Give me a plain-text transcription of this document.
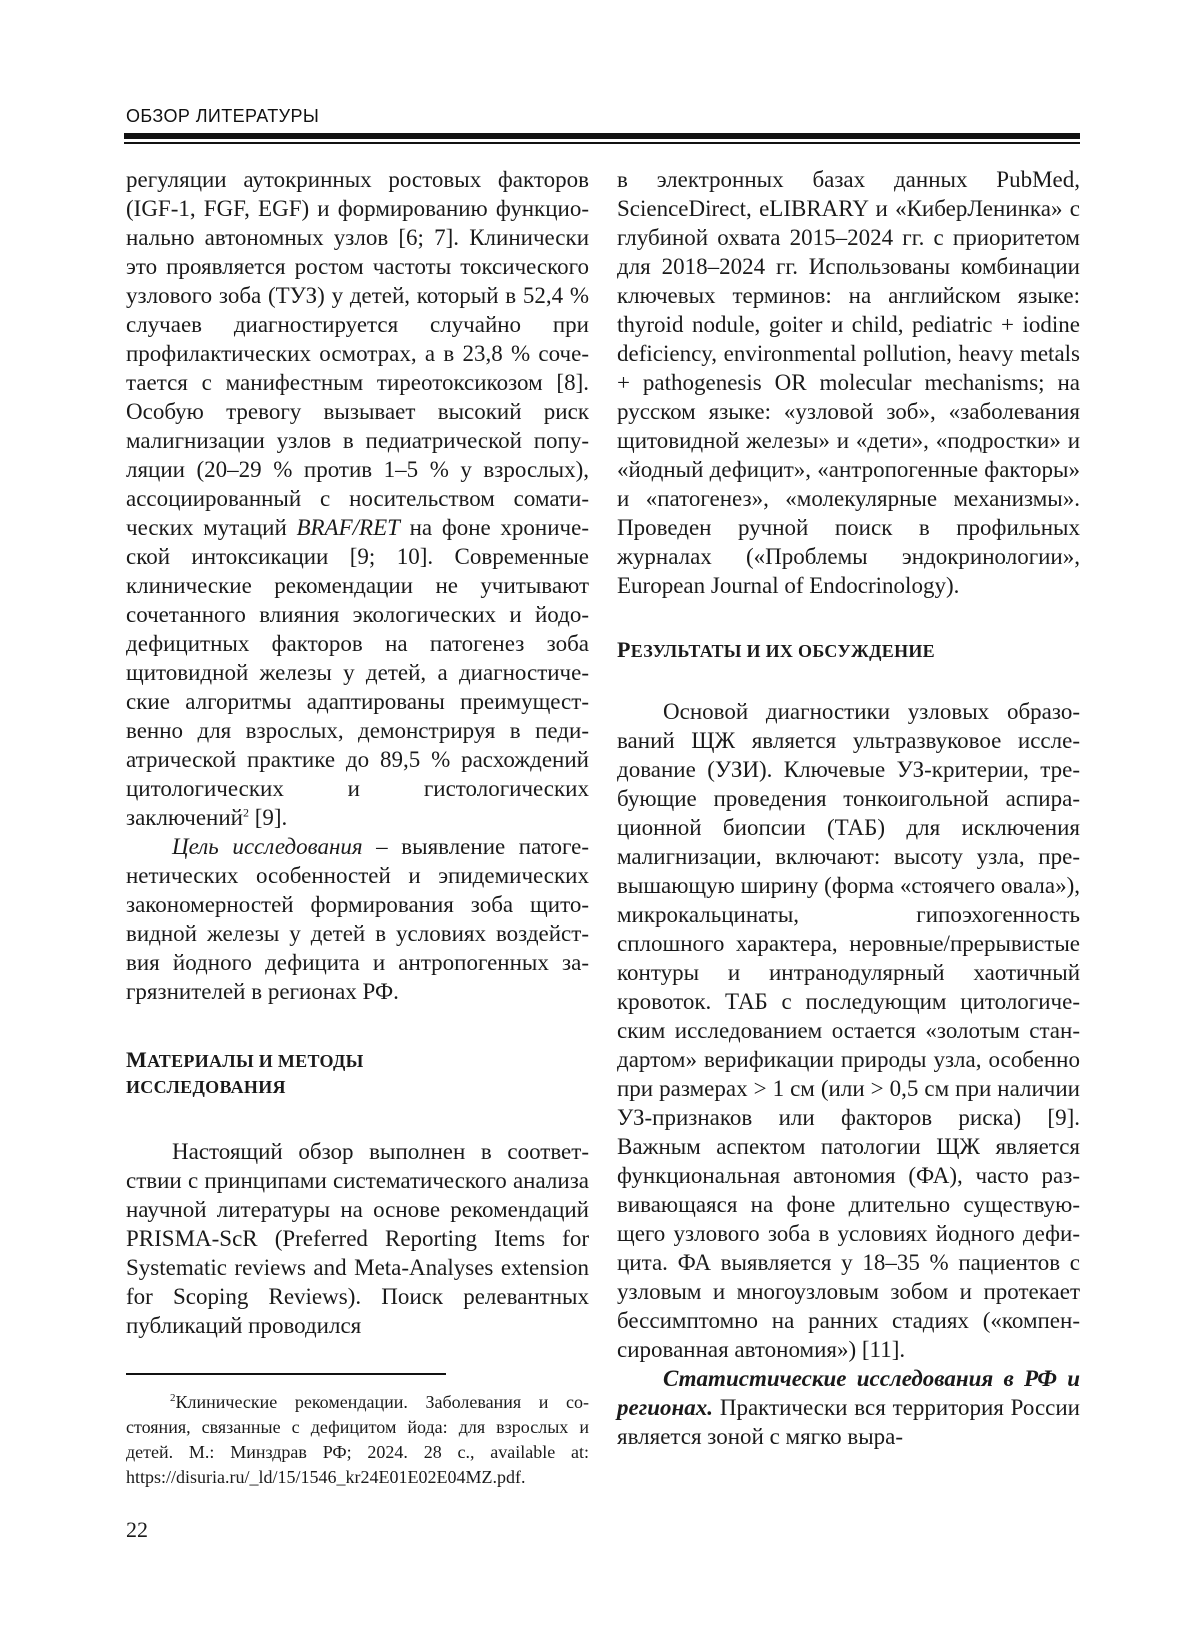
ОБЗОР ЛИТЕРАТУРЫ

регуляции аутокринных ростовых факторов (IGF-1, FGF, EGF) и формированию функционально автономных узлов [6; 7]. Клинически это проявляется ростом частоты токсического узлового зоба (ТУЗ) у детей, который в 52,4 % случаев диагностируется случайно при профилактических осмотрах, а в 23,8 % сочетается с манифестным тиреотоксикозом [8]. Особую тревогу вызывает высокий риск малигнизации узлов в педиатрической популяции (20–29 % против 1–5 % у взрослых), ассоциированный с носительством соматических мутаций BRAF/RET на фоне хронической интоксикации [9; 10]. Современные клинические рекомендации не учитывают сочетанного влияния экологических и йододефицитных факторов на патогенез зоба щитовидной железы у детей, а диагностические алгоритмы адаптированы преимущественно для взрослых, демонстрируя в педиатрической практике до 89,5 % расхождений цитологических и гистологических заключений$^2$ [9].

Цель исследования – выявление патогенетических особенностей и эпидемических закономерностей формирования зоба щитовидной железы у детей в условиях воздействия йодного дефицита и антропогенных загрязнителей в регионах РФ.

МАТЕРИАЛЫ И МЕТОДЫ

ИССЛЕДОВАНИЯ

Настоящий обзор выполнен в соответствии с принципами систематического анализа научной литературы на основе рекомендаций PRISMA-ScR (Preferred Reporting Items for Systematic reviews and Meta-Analyses extension for Scoping Reviews). Поиск релевантных публикаций проводился

в электронных базах данных PubMed, ScienceDirect, eLIBRARY и «КиберЛенинка» с глубиной охвата 2015–2024 гг. с приоритетом для 2018–2024 гг. Использованы комбинации ключевых терминов: на английском языке: thyroid nodule, goiter и child, pediatric + iodine deficiency, environmental pollution, heavy metals + pathogenesis OR molecular mechanisms; на русском языке: «узловой зоб», «заболевания щитовидной железы» и «дети», «подростки» и «йодный дефицит», «антропогенные факторы» и «патогенез», «молекулярные механизмы». Проведен ручной поиск в профильных журналах («Проблемы эндокринологии», European Journal of Endocrinology).

РЕЗУЛЬТАТЫ И ИХ ОБСУЖДЕНИЕ

Основой диагностики узловых образований ЩЖ является ультразвуковое исследование (УЗИ). Ключевые УЗ-критерии, требующие проведения тонкоигольной аспирационной биопсии (ТАБ) для исключения малигнизации, включают: высоту узла, превышающую ширину (форма «стоячего овала»), микрокальцинаты, гипоэхогенность сплошного характера, неровные/прерывистые контуры и интранодулярный хаотичный кровоток. ТАБ с последующим цитологическим исследованием остается «золотым стандартом» верификации природы узла, особенно при размерах > 1 см (или > 0,5 см при наличии УЗ-признаков или факторов риска) [9]. Важным аспектом патологии ЩЖ является функциональная автономия (ФА), часто развивающаяся на фоне длительно существующего узлового зоба в условиях йодного дефицита. ФА выявляется у 18–35 % пациентов с узловым и многоузловым зобом и протекает бессимптомно на ранних стадиях («компенсированная автономия») [11].

Статистические исследования в РФ и регионах. Практически вся территория России является зоной с мягко выра-

$^2$Клинические рекомендации. Заболевания и состояния, связанные с дефицитом йода: для взрослых и детей. М.: Минздрав РФ; 2024. 28 с., available at: https://disuria.ru/_ld/15/1546_kr24E01E02E04MZ.pdf.
22
